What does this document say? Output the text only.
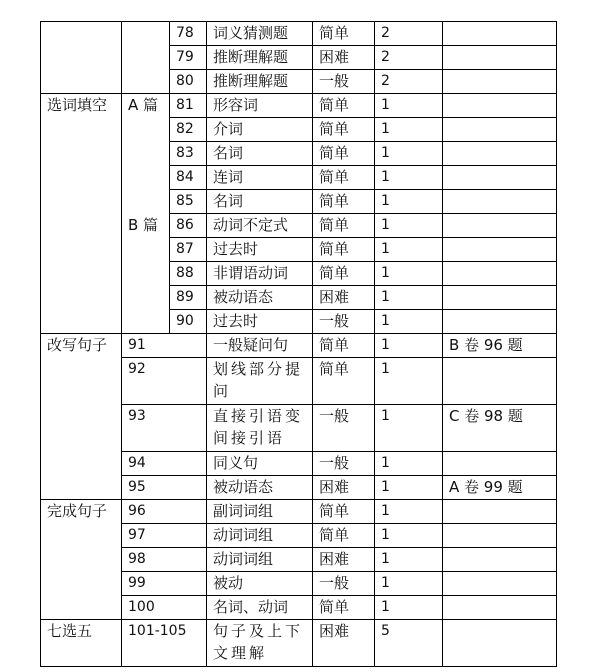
		78	词义猜测题	简单	2	
		79	推断理解题	困难	2	
		80	推断理解题	一般	2	
选词填空	A 篇	81	形容词	简单	1	
		82	介词	简单	1	
		83	名词	简单	1	
		84	连词	简单	1	
		85	名词	简单	1	
	B 篇	86	动词不定式	简单	1	
		87	过去时	简单	1	
		88	非谓语动词	简单	1	
		89	被动语态	困难	1	
		90	过去时	一般	1	
改写句子	91		一般疑问句	简单	1	B 卷 96 题
	92		划线部分提问	简单	1	
	93		直接引语变间接引语	一般	1	C 卷 98 题
	94		同义句	一般	1	
	95		被动语态	困难	1	A 卷 99 题
完成句子	96		副词词组	简单	1	
	97		动词词组	简单	1	
	98		动词词组	困难	1	
	99		被动	一般	1	
	100		名词、动词	简单	1	
七选五	101-105		句子及上下文理解	困难	5	
